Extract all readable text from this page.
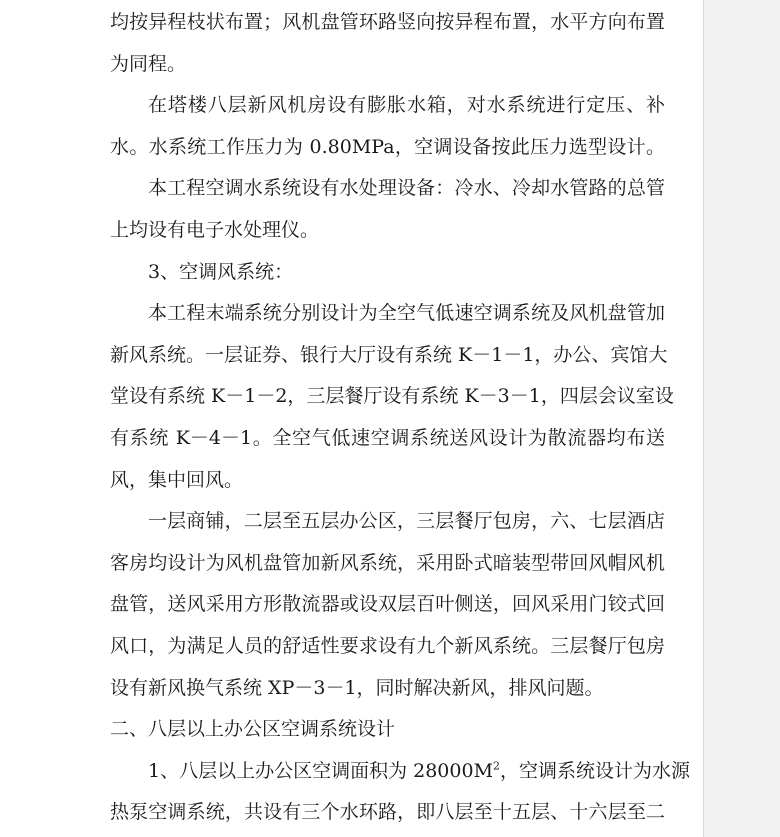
均按异程枝状布置；风机盘管环路竖向按异程布置，水平方向布置
为同程。
在塔楼八层新风机房设有膨胀水箱，对水系统进行定压、补
水。水系统工作压力为 0.80MPa，空调设备按此压力选型设计。
本工程空调水系统设有水处理设备：冷水、冷却水管路的总管
上均设有电子水处理仪。
3、空调风系统：
本工程末端系统分别设计为全空气低速空调系统及风机盘管加
新风系统。一层证券、银行大厅设有系统 K－1－1，办公、宾馆大
堂设有系统 K－1－2，三层餐厅设有系统 K－3－1，四层会议室设
有系统 K－4－1。全空气低速空调系统送风设计为散流器均布送
风，集中回风。
一层商铺，二层至五层办公区，三层餐厅包房，六、七层酒店
客房均设计为风机盘管加新风系统，采用卧式暗装型带回风帽风机
盘管，送风采用方形散流器或设双层百叶侧送，回风采用门铰式回
风口，为满足人员的舒适性要求设有九个新风系统。三层餐厅包房
设有新风换气系统 XP－3－1，同时解决新风，排风问题。
二、八层以上办公区空调系统设计
1、八层以上办公区空调面积为 $28000M^2$，空调系统设计为水源
热泵空调系统，共设有三个水环路，即八层至十五层、十六层至二
